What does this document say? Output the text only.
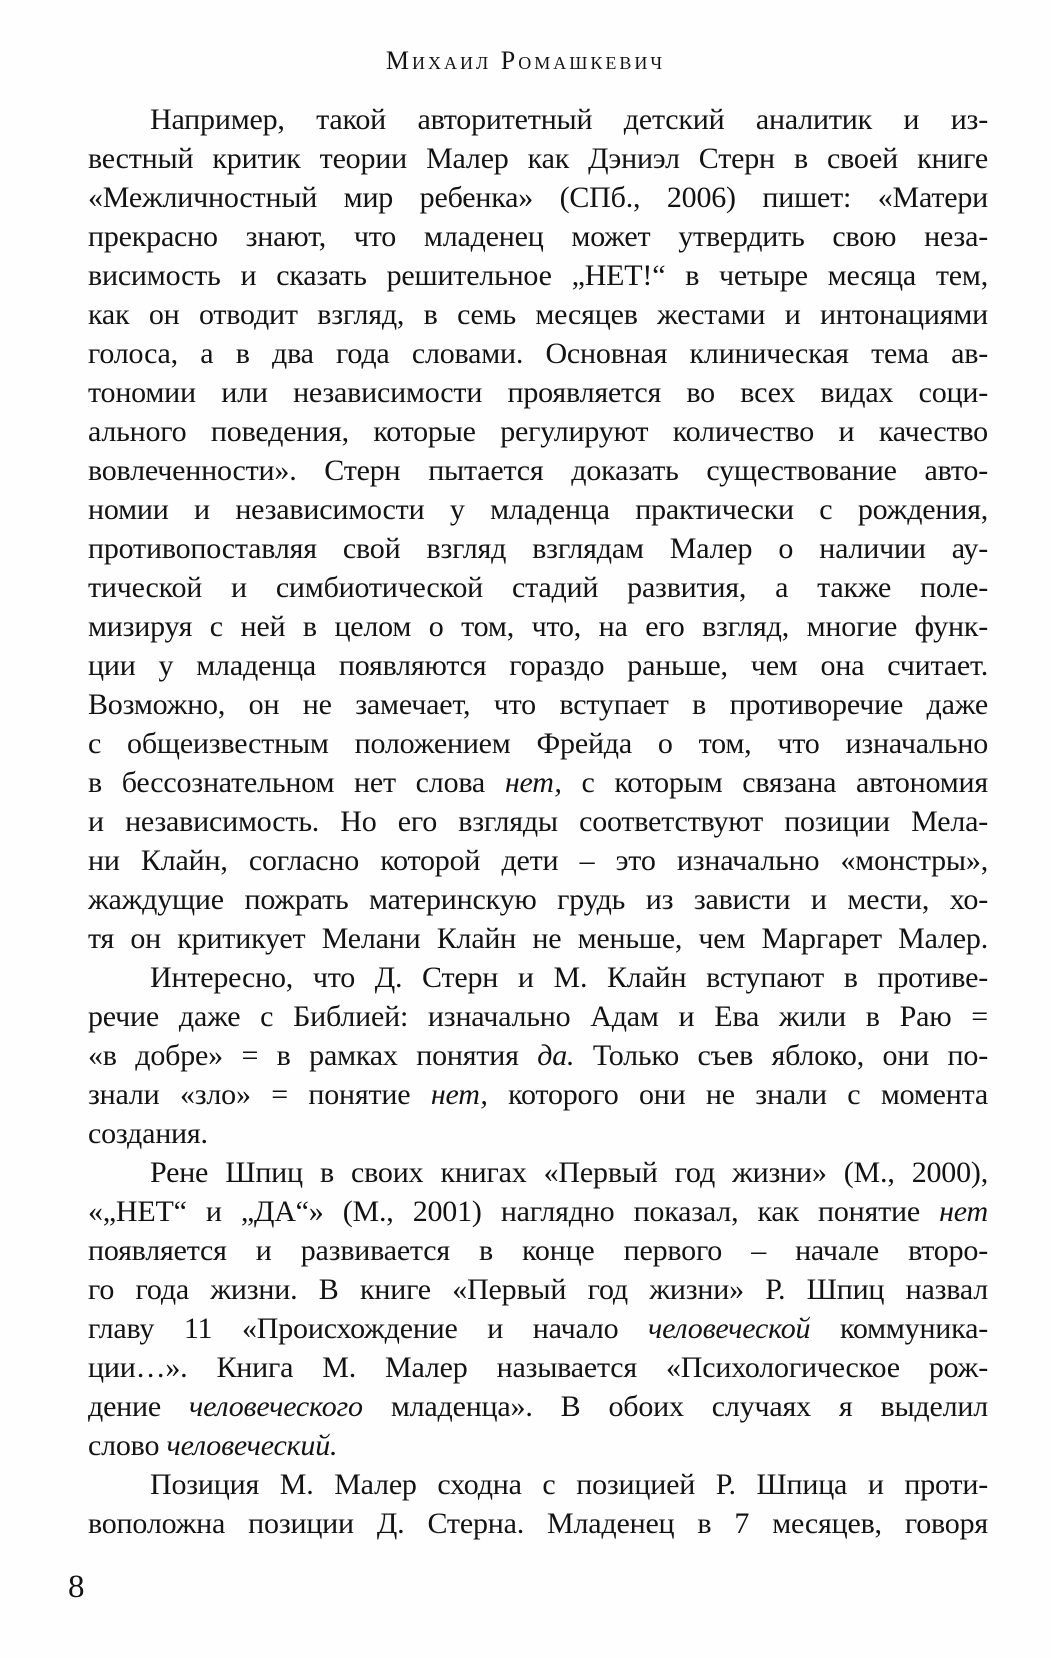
Михаил Ромашкевич
Например, такой авторитетный детский аналитик и из-
вестный критик теории Малер как Дэниэл Стерн в своей книге
«Межличностный мир ребенка» (СПб., 2006) пишет: «Матери
прекрасно знают, что младенец может утвердить свою неза-
висимость и сказать решительное „НЕТ!“ в четыре месяца тем,
как он отводит взгляд, в семь месяцев жестами и интонациями
голоса, а в два года словами. Основная клиническая тема ав-
тономии или независимости проявляется во всех видах соци-
ального поведения, которые регулируют количество и качество
вовлеченности». Стерн пытается доказать существование авто-
номии и независимости у младенца практически с рождения,
противопоставляя свой взгляд взглядам Малер о наличии ау-
тической и симбиотической стадий развития, а также поле-
мизируя с ней в целом о том, что, на его взгляд, многие функ-
ции у младенца появляются гораздо раньше, чем она считает.
Возможно, он не замечает, что вступает в противоречие даже
с общеизвестным положением Фрейда о том, что изначально
в бессознательном нет слова нет, с которым связана автономия
и независимость. Но его взгляды соответствуют позиции Мела-
ни Клайн, согласно которой дети – это изначально «монстры»,
жаждущие пожрать материнскую грудь из зависти и мести, хо-
тя он критикует Мелани Клайн не меньше, чем Маргарет Малер.
Интересно, что Д. Стерн и М. Клайн вступают в противе-
речие даже с Библией: изначально Адам и Ева жили в Раю =
«в добре» = в рамках понятия да. Только съев яблоко, они по-
знали «зло» = понятие нет, которого они не знали с момента
создания.
Рене Шпиц в своих книгах «Первый год жизни» (М., 2000),
«„НЕТ“ и „ДА“» (М., 2001) наглядно показал, как понятие нет
появляется и развивается в конце первого – начале второ-
го года жизни. В книге «Первый год жизни» Р. Шпиц назвал
главу 11 «Происхождение и начало человеческой коммуника-
ции…». Книга М. Малер называется «Психологическое рож-
дение человеческого младенца». В обоих случаях я выделил
слово человеческий.
Позиция М. Малер сходна с позицией Р. Шпица и проти-
воположна позиции Д. Стерна. Младенец в 7 месяцев, говоря
8
